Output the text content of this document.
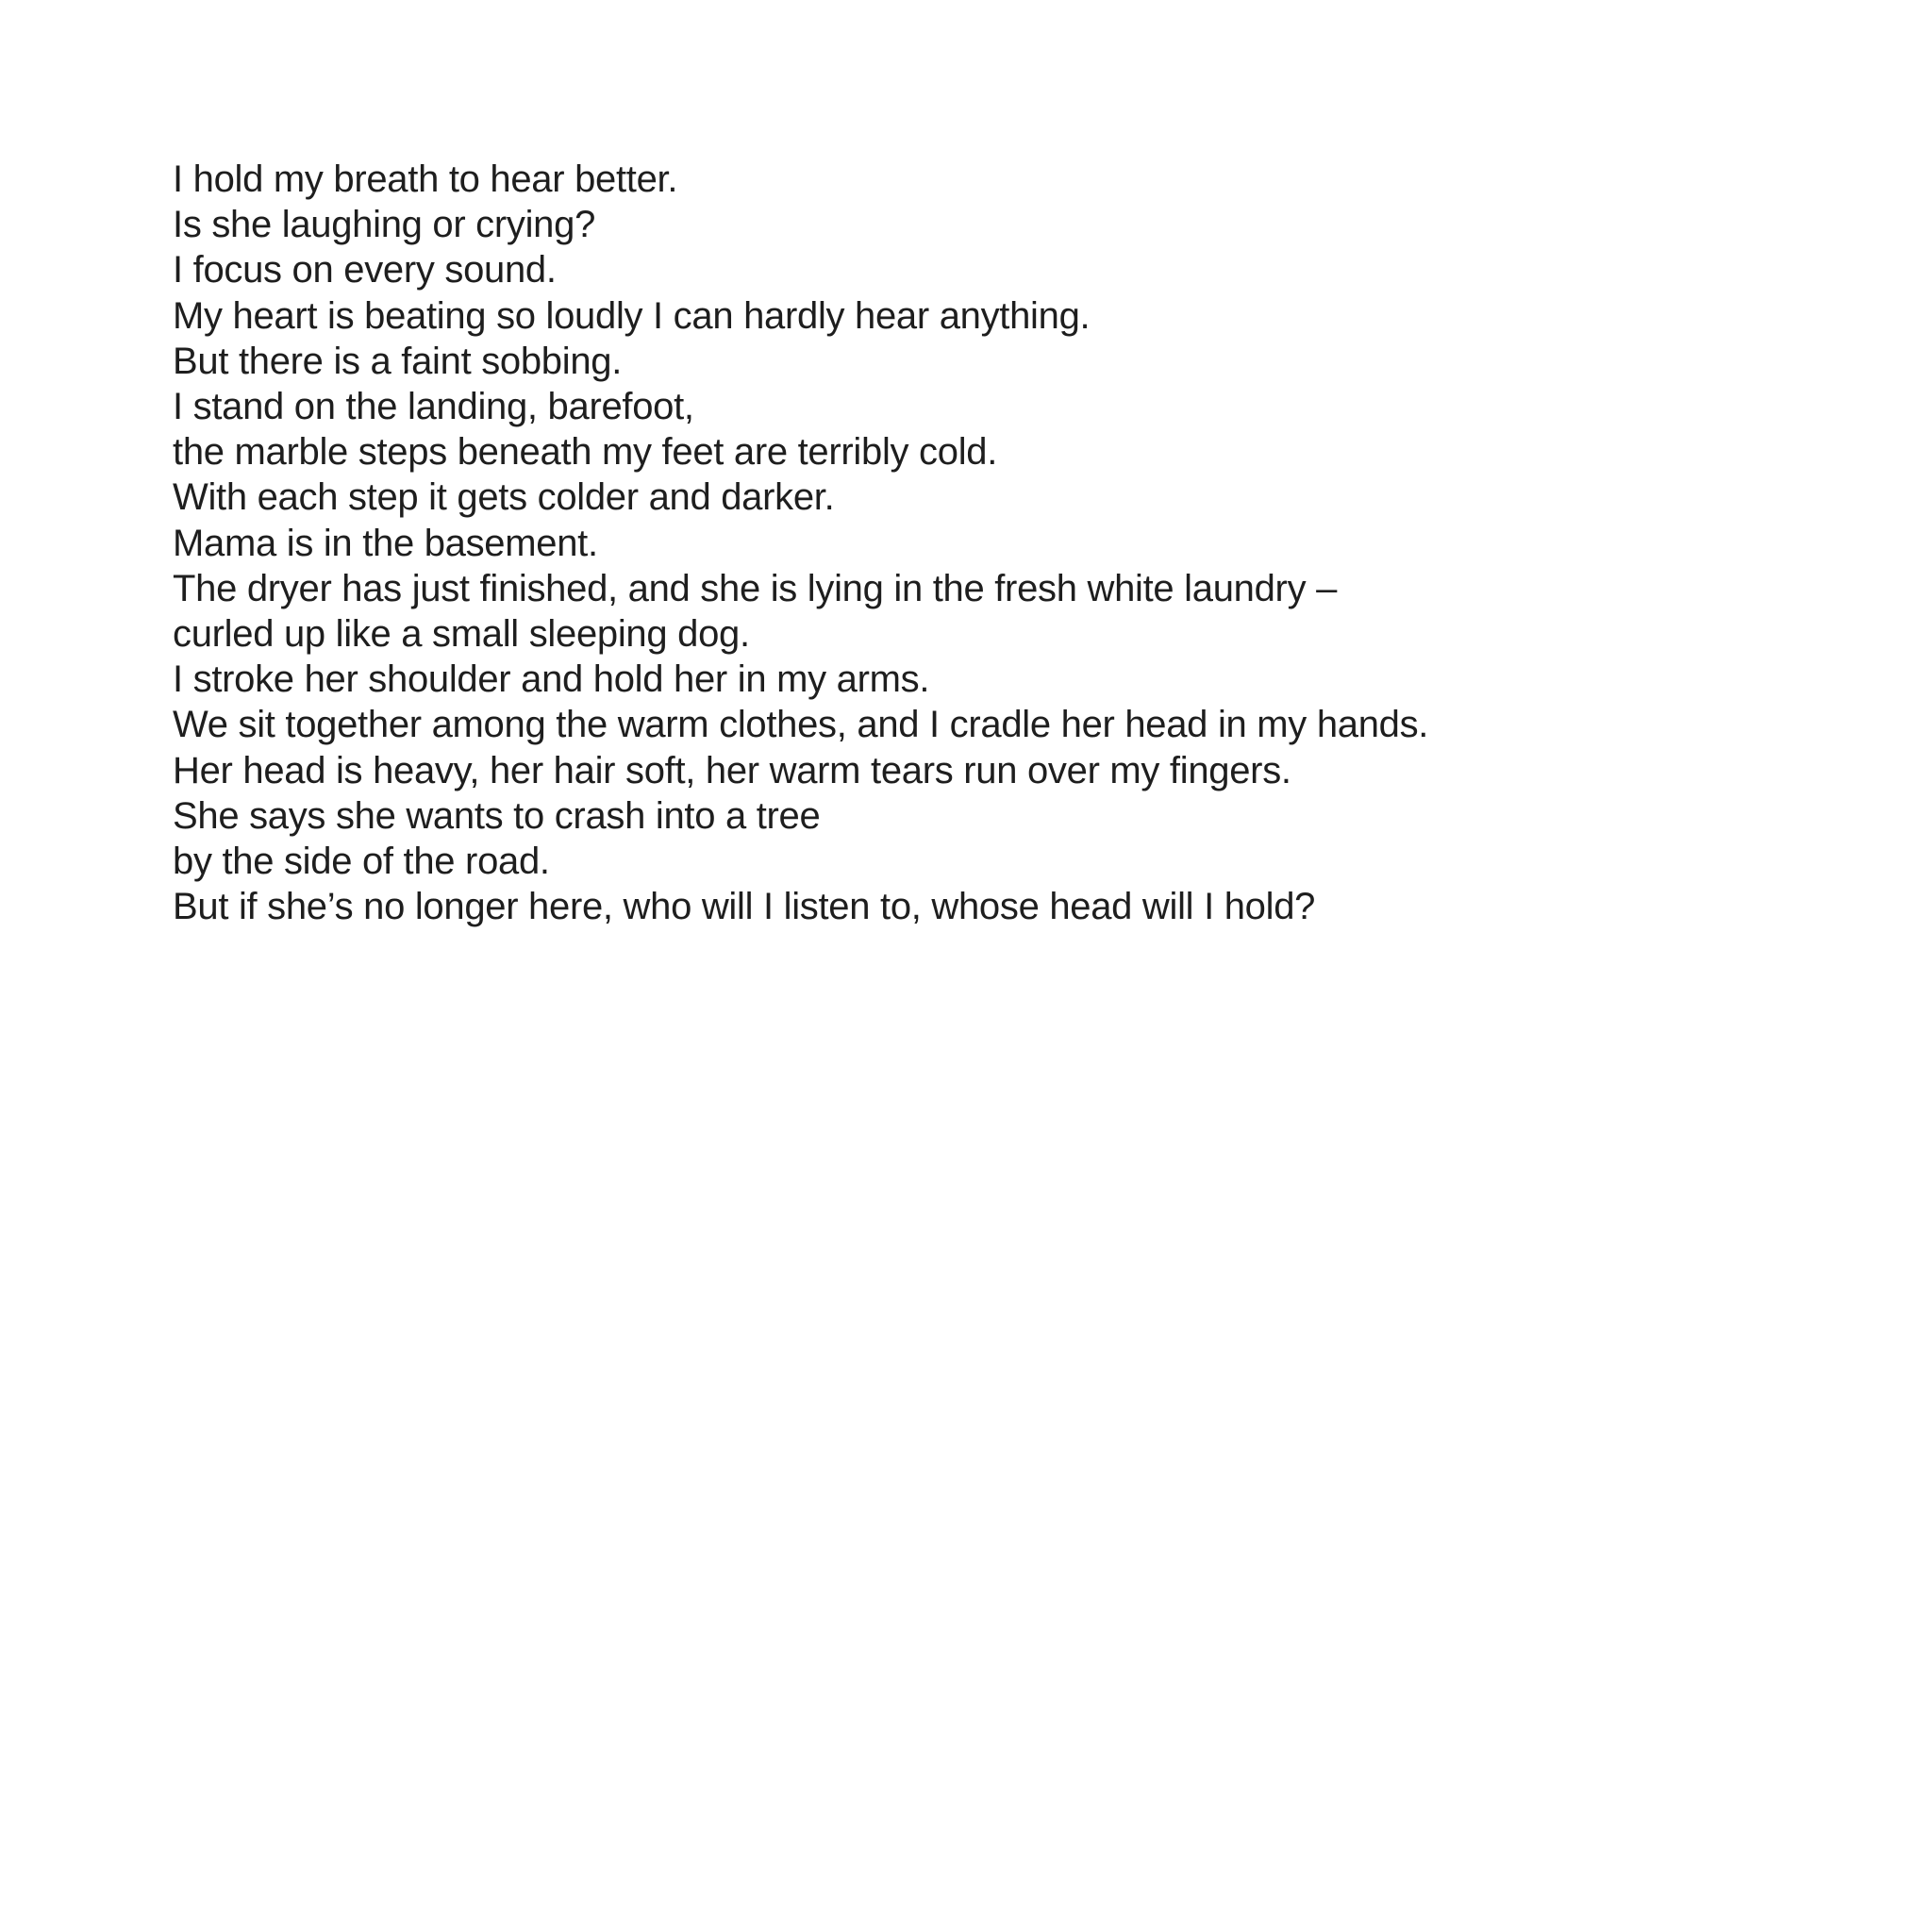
I hold my breath to hear better.
Is she laughing or crying?
I focus on every sound.
My heart is beating so loudly I can hardly hear anything.
But there is a faint sobbing.
I stand on the landing, barefoot,
the marble steps beneath my feet are terribly cold.
With each step it gets colder and darker.
Mama is in the basement.
The dryer has just finished, and she is lying in the fresh white laundry –
curled up like a small sleeping dog.
I stroke her shoulder and hold her in my arms.
We sit together among the warm clothes, and I cradle her head in my hands.
Her head is heavy, her hair soft, her warm tears run over my fingers.
She says she wants to crash into a tree
by the side of the road.
But if she’s no longer here, who will I listen to, whose head will I hold?
